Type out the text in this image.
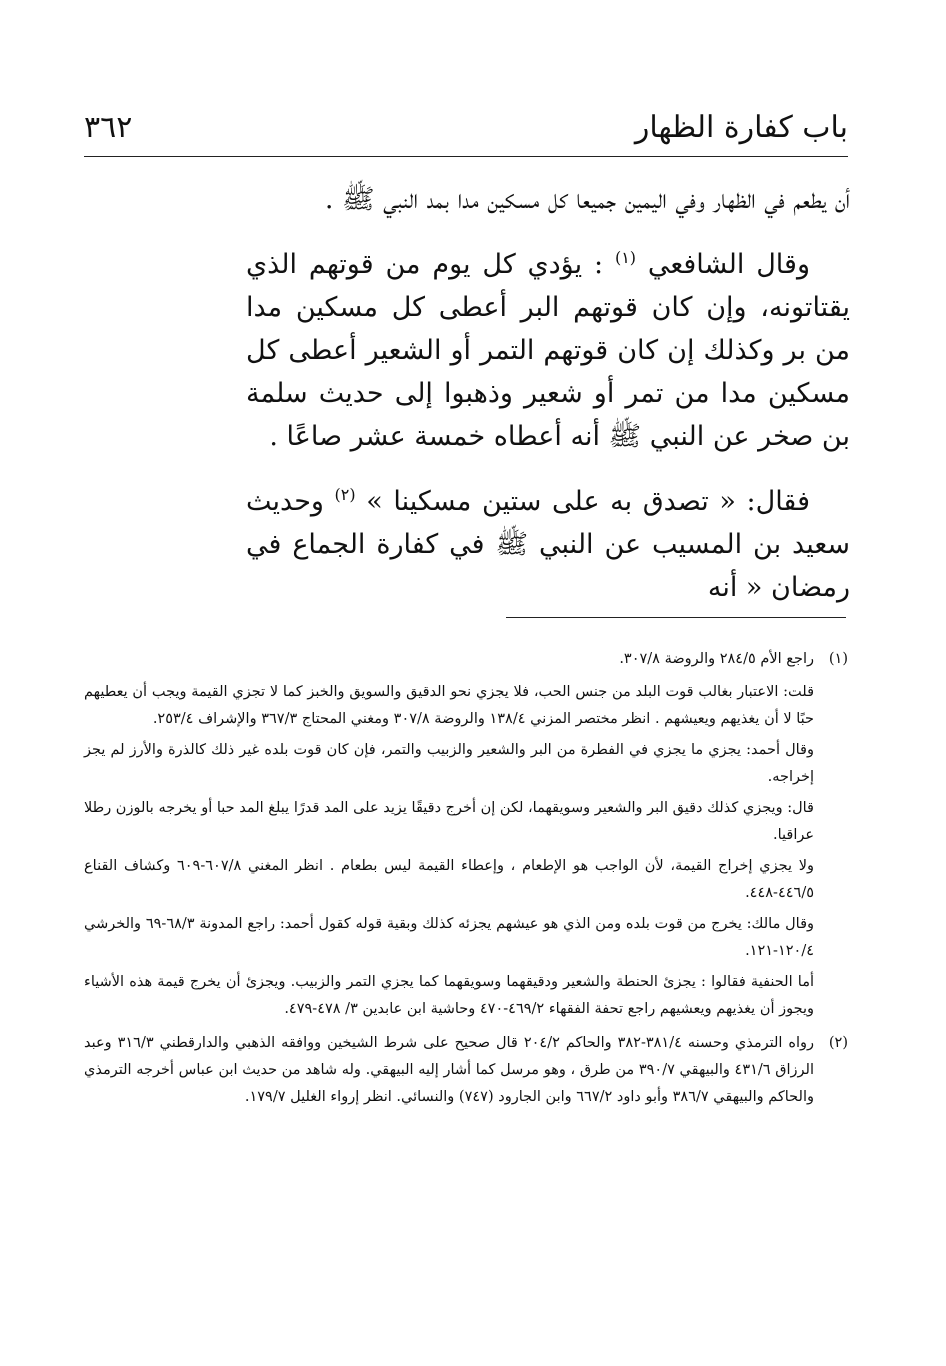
باب كفارة الظهار
٣٦٢

أن يطعم في الظهار وفي اليمين جميعا كل مسكين مدا بمد النبي ﷺ .

وقال الشافعي $^{(١)}$ : يؤدي كل يوم من قوتهم الذي يقتاتونه، وإن كان قوتهم البر أعطى كل مسكين مدا من بر وكذلك إن كان قوتهم التمر أو الشعير أعطى كل مسكين مدا من تمر أو شعير وذهبوا إلى حديث سلمة بن صخر عن النبي ﷺ أنه أعطاه خمسة عشر صاعًا .

فقال: « تصدق به على ستين مسكينا » $^{(٢)}$ وحديث سعيد بن المسيب عن النبي ﷺ في كفارة الجماع في رمضان « أنه

(١)

راجع الأم ٢٨٤/٥ والروضة ٣٠٧/٨.

قلت: الاعتبار بغالب قوت البلد من جنس الحب، فلا يجزي نحو الدقيق والسويق والخبز كما لا تجزي القيمة ويجب أن يعطيهم حبًا لا أن يغذيهم ويعيشهم . انظر مختصر المزني ١٣٨/٤ والروضة ٣٠٧/٨ ومغني المحتاج ٣٦٧/٣ والإشراف ٢٥٣/٤.

وقال أحمد: يجزي ما يجزي في الفطرة من البر والشعير والزبيب والتمر، فإن كان قوت بلده غير ذلك كالذرة والأرز لم يجز إخراجه.

قال: ويجزي كذلك دقيق البر والشعير وسويقهما، لكن إن أخرج دقيقًا يزيد على المد قدرًا يبلغ المد حبا أو يخرجه بالوزن رطلا عراقيا.

ولا يجزي إخراج القيمة، لأن الواجب هو الإطعام ، وإعطاء القيمة ليس بطعام . انظر المغني ٦٠٧/٨-٦٠٩ وكشاف القناع ٤٤٦/٥-٤٤٨.

وقال مالك: يخرج من قوت بلده ومن الذي هو عيشهم يجزئه كذلك وبقية قوله كقول أحمد: راجع المدونة ٦٨/٣-٦٩ والخرشي ١٢٠/٤-١٢١.

أما الحنفية فقالوا : يجزئ الحنطة والشعير ودقيقهما وسويقهما كما يجزي التمر والزبيب. ويجزئ أن يخرج قيمة هذه الأشياء ويجوز أن يغذيهم ويعشيهم راجع تحفة الفقهاء ٤٦٩/٢-٤٧٠ وحاشية ابن عابدين ٣/ ٤٧٨-٤٧٩.

(٢)

رواه الترمذي وحسنه ٣٨١/٤-٣٨٢ والحاكم ٢٠٤/٢ قال صحيح على شرط الشيخين ووافقه الذهبي والدارقطني ٣١٦/٣ وعبد الرزاق ٤٣١/٦ والبيهقي ٣٩٠/٧ من طرق ، وهو مرسل كما أشار إليه البيهقي. وله شاهد من حديث ابن عباس أخرجه الترمذي والحاكم والبيهقي ٣٨٦/٧ وأبو داود ٦٦٧/٢ وابن الجارود (٧٤٧) والنسائي. انظر إرواء الغليل ١٧٩/٧.
